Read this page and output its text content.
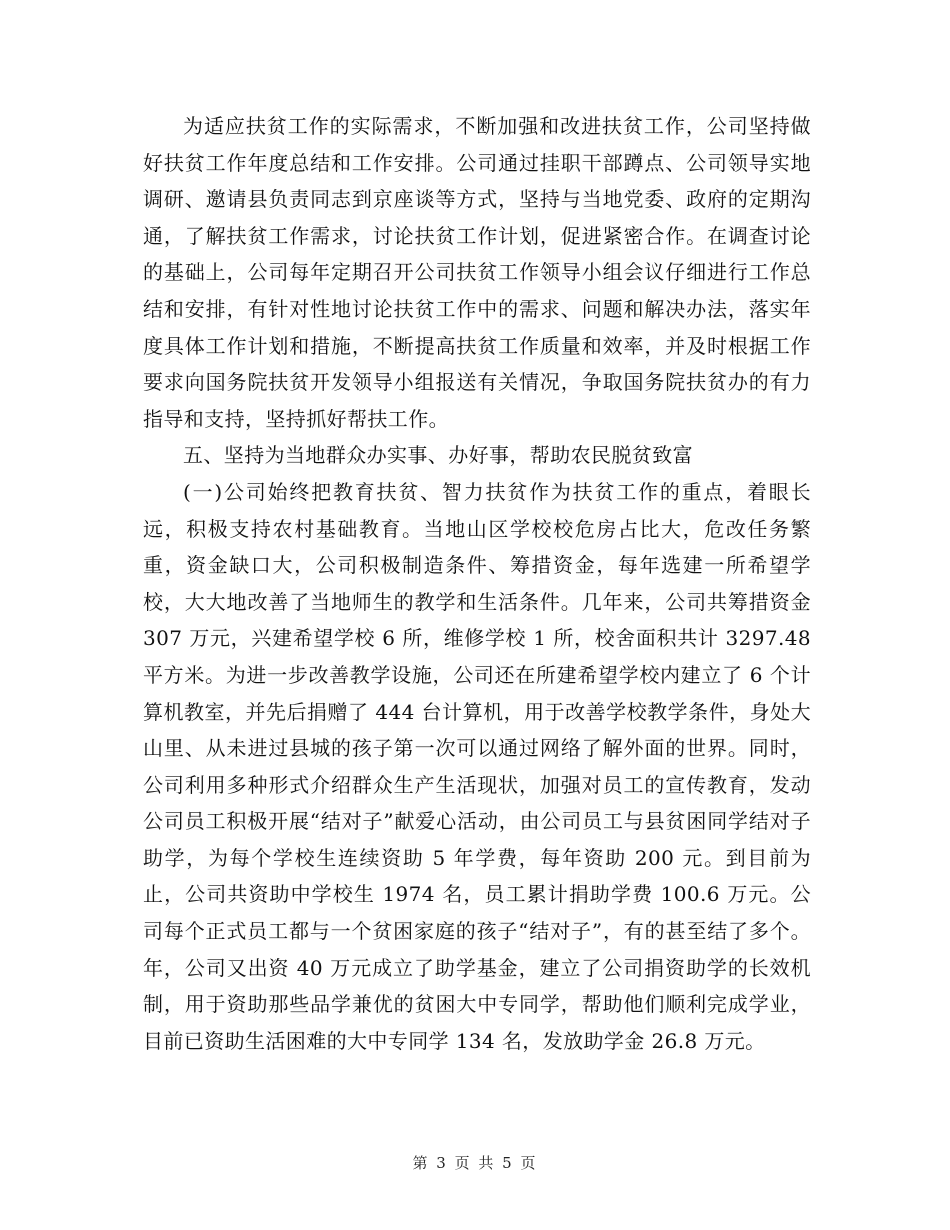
为适应扶贫工作的实际需求，不断加强和改进扶贫工作，公司坚持做好扶贫工作年度总结和工作安排。公司通过挂职干部蹲点、公司领导实地调研、邀请县负责同志到京座谈等方式，坚持与当地党委、政府的定期沟通，了解扶贫工作需求，讨论扶贫工作计划，促进紧密合作。在调查讨论的基础上，公司每年定期召开公司扶贫工作领导小组会议仔细进行工作总结和安排，有针对性地讨论扶贫工作中的需求、问题和解决办法，落实年度具体工作计划和措施，不断提高扶贫工作质量和效率，并及时根据工作要求向国务院扶贫开发领导小组报送有关情况，争取国务院扶贫办的有力指导和支持，坚持抓好帮扶工作。

五、坚持为当地群众办实事、办好事，帮助农民脱贫致富

(一)公司始终把教育扶贫、智力扶贫作为扶贫工作的重点，着眼长远，积极支持农村基础教育。当地山区学校校危房占比大，危改任务繁重，资金缺口大，公司积极制造条件、筹措资金，每年选建一所希望学校，大大地改善了当地师生的教学和生活条件。几年来，公司共筹措资金 307 万元，兴建希望学校 6 所，维修学校 1 所，校舍面积共计 3297.48 平方米。为进一步改善教学设施，公司还在所建希望学校内建立了 6 个计算机教室，并先后捐赠了 444 台计算机，用于改善学校教学条件，身处大山里、从未进过县城的孩子第一次可以通过网络了解外面的世界。同时，公司利用多种形式介绍群众生产生活现状，加强对员工的宣传教育，发动公司员工积极开展“结对子”献爱心活动，由公司员工与县贫困同学结对子助学，为每个学校生连续资助 5 年学费，每年资助 200 元。到目前为止，公司共资助中学校生 1974 名，员工累计捐助学费 100.6 万元。公司每个正式员工都与一个贫困家庭的孩子“结对子”，有的甚至结了多个。年，公司又出资 40 万元成立了助学基金，建立了公司捐资助学的长效机制，用于资助那些品学兼优的贫困大中专同学，帮助他们顺利完成学业，目前已资助生活困难的大中专同学 134 名，发放助学金 26.8 万元。

第 3 页 共 5 页
